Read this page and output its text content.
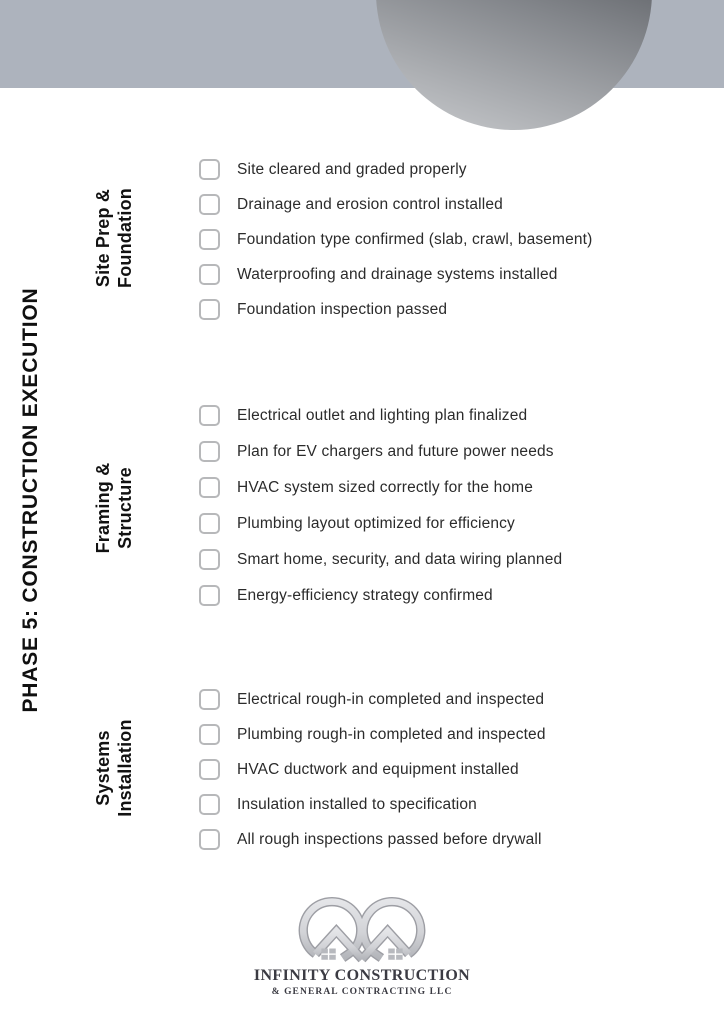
PHASE 5: CONSTRUCTION EXECUTION
Site Prep & Foundation
Framing & Structure
Systems Installation
Site cleared and graded properly
Drainage and erosion control installed
Foundation type confirmed (slab, crawl, basement)
Waterproofing and drainage systems installed
Foundation inspection passed
Electrical outlet and lighting plan finalized
Plan for EV chargers and future power needs
HVAC system sized correctly for the home
Plumbing layout optimized for efficiency
Smart home, security, and data wiring planned
Energy-efficiency strategy confirmed
Electrical rough-in completed and inspected
Plumbing rough-in completed and inspected
HVAC ductwork and equipment installed
Insulation installed to specification
All rough inspections passed before drywall
INFINITY CONSTRUCTION
& GENERAL CONTRACTING LLC
